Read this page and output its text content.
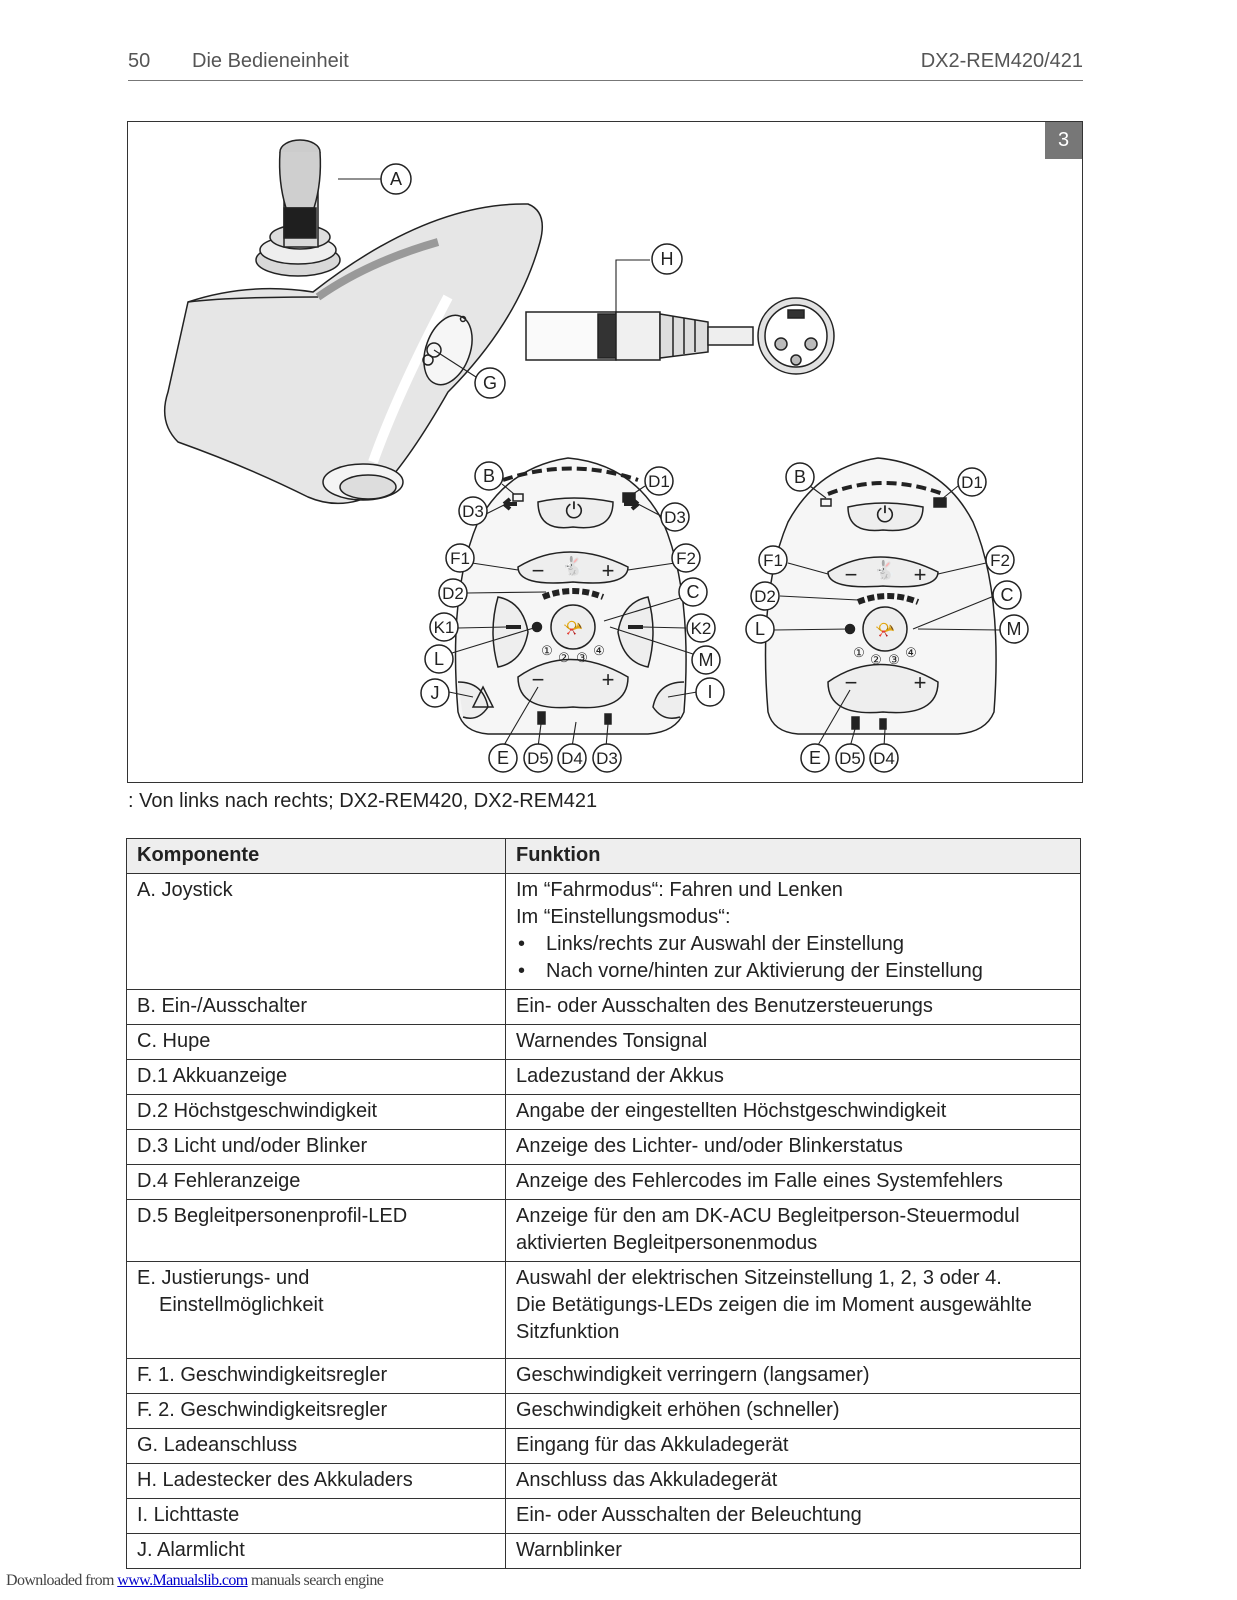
50 Die Bedieneinheit	DX2-REM420/421
3
⏻	⏻
−	+	−	+
−	+	−	+
🐇	🐇
📯	📯
① ② ③ ④	① ② ③ ④
A
H
G
B	D1
D3	D3
F1	F2
D2	C
K1	K2
L	M
J	I
E D5 D4 D3
B	D1
F1	F2
D2	C
L	M
E D5 D4
: Von links nach rechts; DX2-REM420, DX2-REM421
Komponente	Funktion
A. Joystick	Im “Fahrmodus“: Fahren und Lenken
Im “Einstellungsmodus“:
• Links/rechts zur Auswahl der Einstellung
• Nach vorne/hinten zur Aktivierung der Einstellung

B. Ein-/Ausschalter	Ein- oder Ausschalten des Benutzersteuerungs
C. Hupe	Warnendes Tonsignal
D.1 Akkuanzeige	Ladezustand der Akkus
D.2 Höchstgeschwindigkeit	Angabe der eingestellten Höchstgeschwindigkeit
D.3 Licht und/oder Blinker	Anzeige des Lichter- und/oder Blinkerstatus
D.4 Fehleranzeige	Anzeige des Fehlercodes im Falle eines Systemfehlers
D.5 Begleitpersonenprofil-LED	Anzeige für den am DK-ACU Begleitperson-Steuermodul
aktivierten Begleitpersonenmodus

E. Justierungs- und
Einstellmöglichkeit	Auswahl der elektrischen Sitzeinstellung 1, 2, 3 oder 4.
Die Betätigungs-LEDs zeigen die im Moment ausgewählte
Sitzfunktion

F. 1. Geschwindigkeitsregler	Geschwindigkeit verringern (langsamer)
F. 2. Geschwindigkeitsregler	Geschwindigkeit erhöhen (schneller)
G. Ladeanschluss	Eingang für das Akkuladegerät
H. Ladestecker des Akkuladers	Anschluss das Akkuladegerät
I. Lichttaste	Ein- oder Ausschalten der Beleuchtung
J. Alarmlicht	Warnblinker
Downloaded from www.Manualslib.com manuals search engine
